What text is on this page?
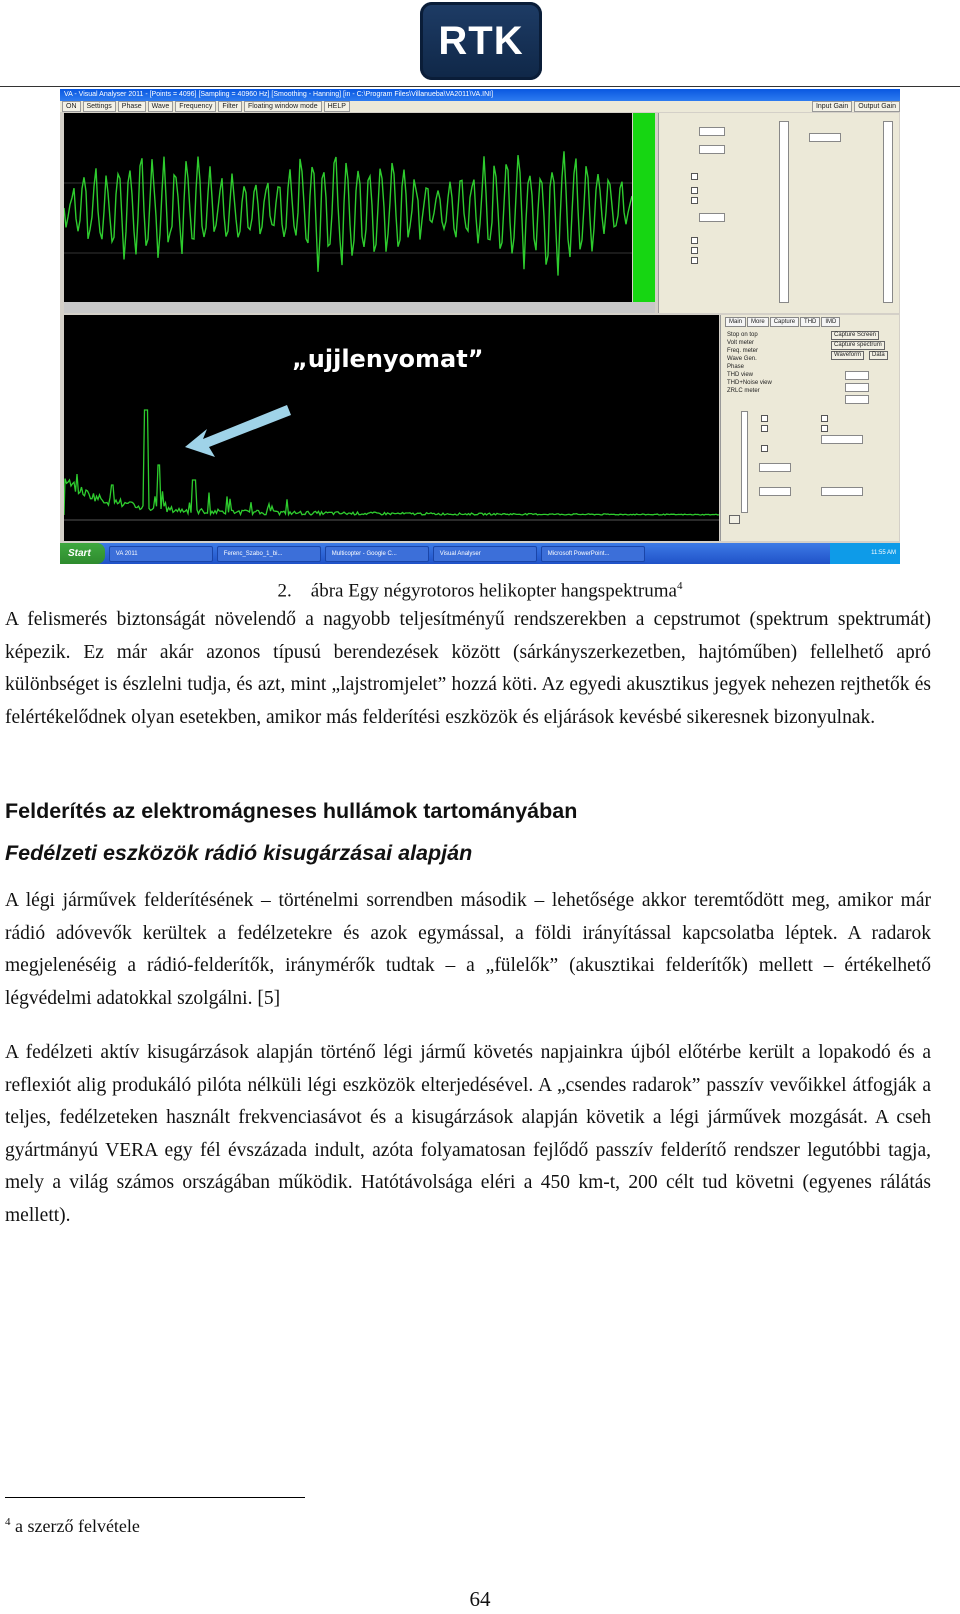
RTK
VA - Visual Analyser 2011 - [Points = 4096] [Sampling = 40960 Hz] [Smoothing - Hanning] [in - C:\Program Files\Villanueba\VA2011\VA.INI]
ON	Settings	Phase	Wave	Frequency	Filter	Floating window mode	HELP	Input Gain	Output Gain
„ujjlenyomat”
Main	More	Capture	THD	IMD
Stop on top
Volt meter
Freq. meter
Wave Gen.
Phase
THD view
THD+Noise view
ZRLC meter
Capture Screen
Capture spectrum
Waveform	Data

Start	VA 2011	Ferenc_Szabo_1_bi...	Multicopter - Google C...	Visual Analyser	Microsoft PowerPoint...	11:55 AM
2. ábra Egy négyrotoros helikopter hangspektruma$^4$

A felismerés biztonságát növelendő a nagyobb teljesítményű rendszerekben a cepstrumot (spektrum spektrumát) képezik. Ez már akár azonos típusú berendezések között (sárkányszerkezetben, hajtóműben) fellelhető apró különbséget is észlelni tudja, és azt, mint „lajstromjelet” hozzá köti. Az egyedi akusztikus jegyek nehezen rejthetők és felértékelődnek olyan esetekben, amikor más felderítési eszközök és eljárások kevésbé sikeresnek bizonyulnak.

Felderítés az elektromágneses hullámok tartományában
Fedélzeti eszközök rádió kisugárzásai alapján

A légi járművek felderítésének – történelmi sorrendben második – lehetősége akkor teremtődött meg, amikor már rádió adóvevők kerültek a fedélzetekre és azok egymással, a földi irányítással kapcsolatba léptek. A radarok megjelenéséig a rádió-felderítők, iránymérők tudtak – a „fülelők” (akusztikai felderítők) mellett – értékelhető légvédelmi adatokkal szolgálni. [5]

A fedélzeti aktív kisugárzások alapján történő légi jármű követés napjainkra újból előtérbe került a lopakodó és a reflexiót alig produkáló pilóta nélküli légi eszközök elterjedésével. A „csendes radarok” passzív vevőikkel átfogják a teljes, fedélzeteken használt frekvenciasávot és a kisugárzások alapján követik a légi járművek mozgását. A cseh gyártmányú VERA egy fél évszázada indult, azóta folyamatosan fejlődő passzív felderítő rendszer legutóbbi tagja, mely a világ számos országában működik. Hatótávolsága eléri a 450 km-t, 200 célt tud követni (egyenes rálátás mellett).

$^4$ a szerző felvétele
64
